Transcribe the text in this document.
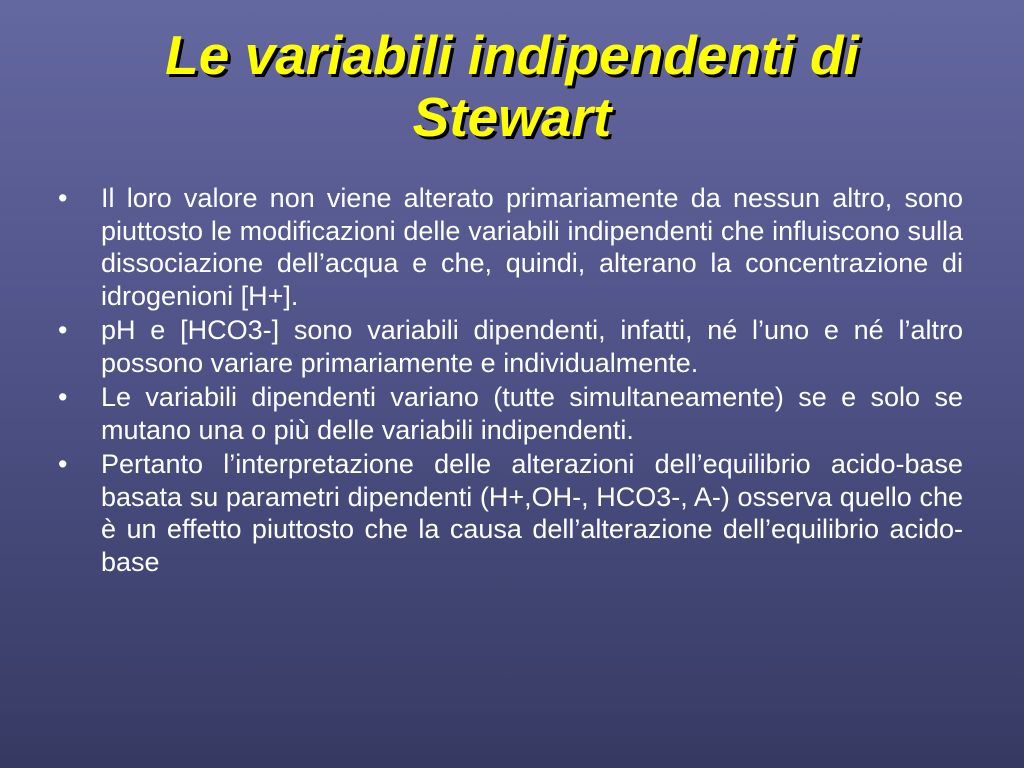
Le variabili indipendenti di
Stewart
• Il loro valore non viene alterato primariamente da nessun altro, sono piuttosto le modificazioni delle variabili indipendenti che influiscono sulla dissociazione dell’acqua e che, quindi, alterano la concentrazione di idrogenioni [H+].
• pH e [HCO3-] sono variabili dipendenti, infatti, né l’uno e né l’altro possono variare primariamente e individualmente.
• Le variabili dipendenti variano (tutte simultaneamente) se e solo se mutano una o più delle variabili indipendenti.
• Pertanto l’interpretazione delle alterazioni dell’equilibrio acido-base basata su parametri dipendenti (H+,OH-, HCO3-, A-) osserva quello che è un effetto piuttosto che la causa dell’alterazione dell’equilibrio acido-base
